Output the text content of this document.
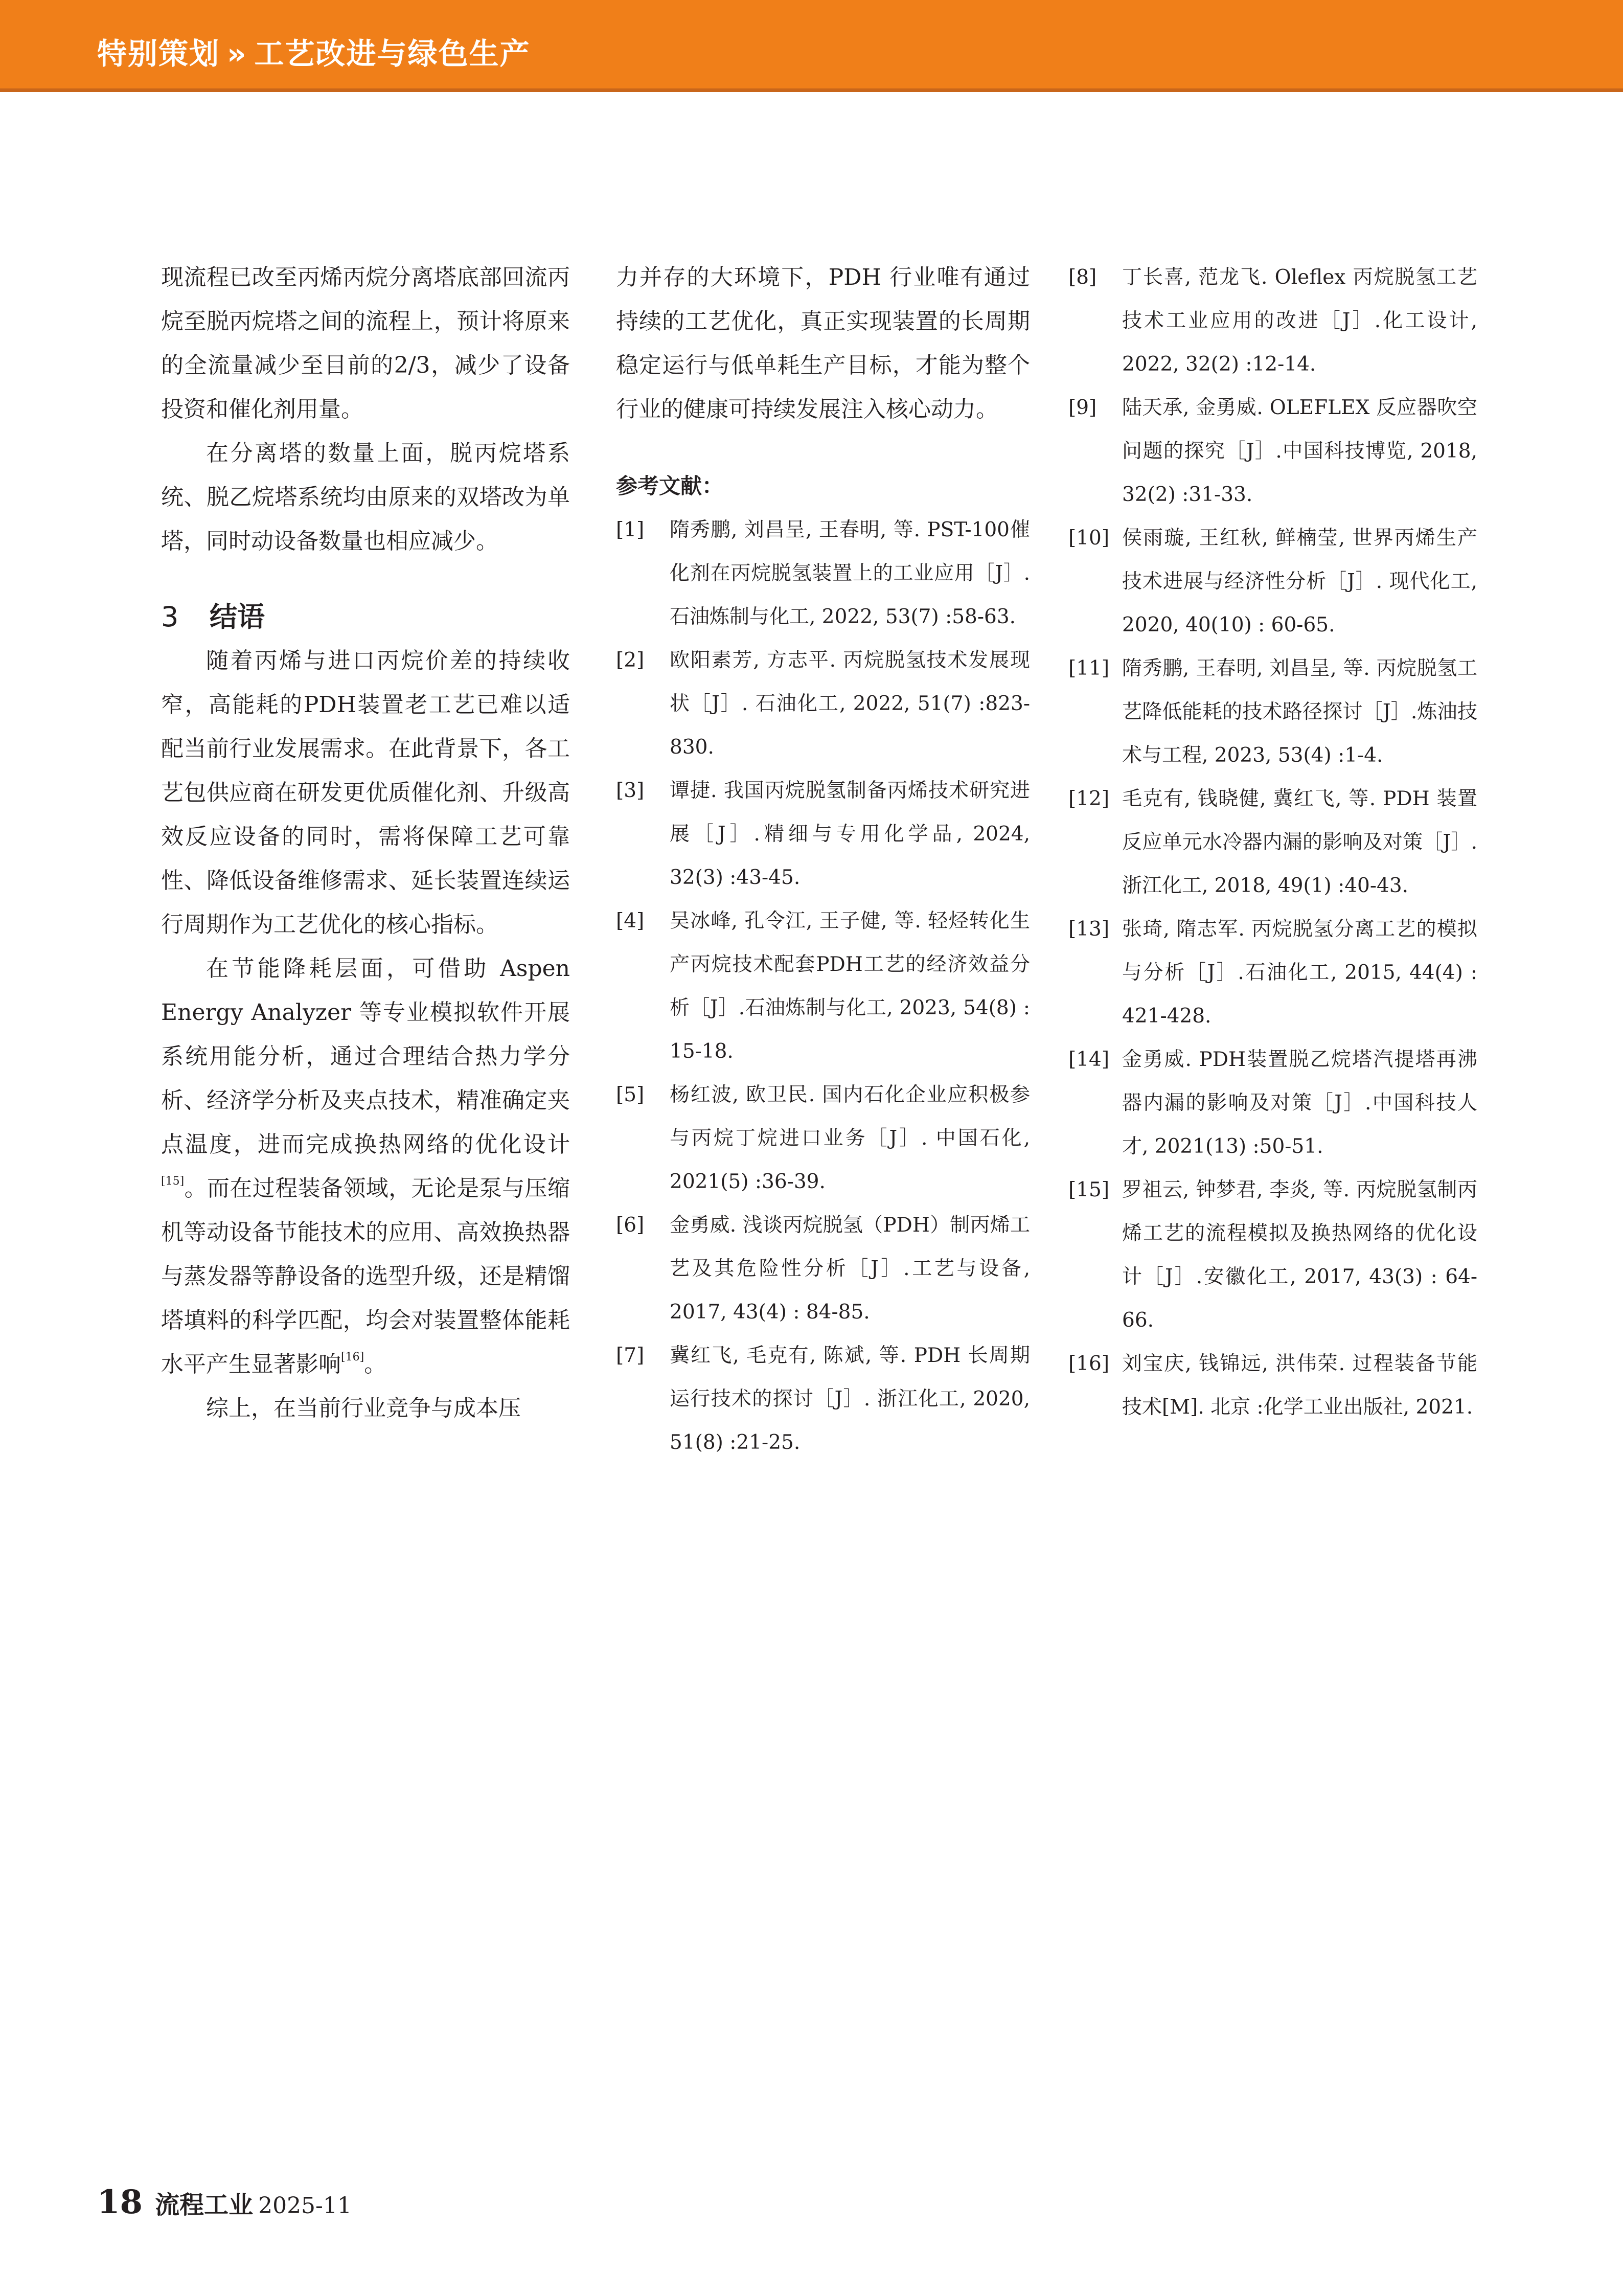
特别策划 » 工艺改进与绿色生产

现流程已改至丙烯丙烷分离塔底部回流丙烷至脱丙烷塔之间的流程上，预计将原来的全流量减少至目前的2/3，减少了设备投资和催化剂用量。

在分离塔的数量上面，脱丙烷塔系统、脱乙烷塔系统均由原来的双塔改为单塔，同时动设备数量也相应减少。

3 结语

随着丙烯与进口丙烷价差的持续收窄，高能耗的PDH装置老工艺已难以适配当前行业发展需求。在此背景下，各工艺包供应商在研发更优质催化剂、升级高效反应设备的同时，需将保障工艺可靠性、降低设备维修需求、延长装置连续运行周期作为工艺优化的核心指标。

在节能降耗层面，可借助 Aspen Energy Analyzer 等专业模拟软件开展系统用能分析，通过合理结合热力学分析、经济学分析及夹点技术，精准确定夹点温度，进而完成换热网络的优化设计[15]。而在过程装备领域，无论是泵与压缩机等动设备节能技术的应用、高效换热器与蒸发器等静设备的选型升级，还是精馏塔填料的科学匹配，均会对装置整体能耗水平产生显著影响[16]。

综上，在当前行业竞争与成本压

力并存的大环境下，PDH 行业唯有通过持续的工艺优化，真正实现装置的长周期稳定运行与低单耗生产目标，才能为整个行业的健康可持续发展注入核心动力。

参考文献：
[1]	隋秀鹏, 刘昌呈, 王春明, 等. PST-100催化剂在丙烷脱氢装置上的工业应用［J］. 石油炼制与化工, 2022, 53(7) :58-63.
[2]	欧阳素芳, 方志平. 丙烷脱氢技术发展现状［J］. 石油化工, 2022, 51(7) :823-830.
[3]	谭捷. 我国丙烷脱氢制备丙烯技术研究进展［J］.精细与专用化学品, 2024, 32(3) :43-45.
[4]	吴冰峰, 孔令江, 王子健, 等. 轻烃转化生产丙烷技术配套PDH工艺的经济效益分析［J］.石油炼制与化工, 2023, 54(8) : 15-18.
[5]	杨红波, 欧卫民. 国内石化企业应积极参与丙烷丁烷进口业务［J］. 中国石化, 2021(5) :36-39.
[6]	金勇威. 浅谈丙烷脱氢（PDH）制丙烯工艺及其危险性分析［J］.工艺与设备, 2017, 43(4) : 84-85.
[7]	冀红飞, 毛克有, 陈斌, 等. PDH 长周期运行技术的探讨［J］. 浙江化工, 2020, 51(8) :21-25.
[8]	丁长喜, 范龙飞. Oleflex 丙烷脱氢工艺技术工业应用的改进［J］.化工设计, 2022, 32(2) :12-14.
[9]	陆天承, 金勇威. OLEFLEX 反应器吹空问题的探究［J］.中国科技博览, 2018, 32(2) :31-33.
[10] 侯雨璇, 王红秋, 鲜楠莹, 世界丙烯生产技术进展与经济性分析［J］. 现代化工, 2020, 40(10) : 60-65.
[11] 隋秀鹏, 王春明, 刘昌呈, 等. 丙烷脱氢工艺降低能耗的技术路径探讨［J］.炼油技术与工程, 2023, 53(4) :1-4.
[12] 毛克有, 钱晓健, 冀红飞, 等. PDH 装置反应单元水冷器内漏的影响及对策［J］.浙江化工, 2018, 49(1) :40-43.
[13] 张琦, 隋志军. 丙烷脱氢分离工艺的模拟与分析［J］.石油化工, 2015, 44(4) : 421-428.
[14] 金勇威. PDH装置脱乙烷塔汽提塔再沸器内漏的影响及对策［J］.中国科技人才, 2021(13) :50-51.
[15] 罗祖云, 钟梦君, 李炎, 等. 丙烷脱氢制丙烯工艺的流程模拟及换热网络的优化设计［J］.安徽化工, 2017, 43(3) : 64-66.
[16] 刘宝庆, 钱锦远, 洪伟荣. 过程装备节能技术[M]. 北京 :化学工业出版社, 2021.
18 流程工业 2025-11
